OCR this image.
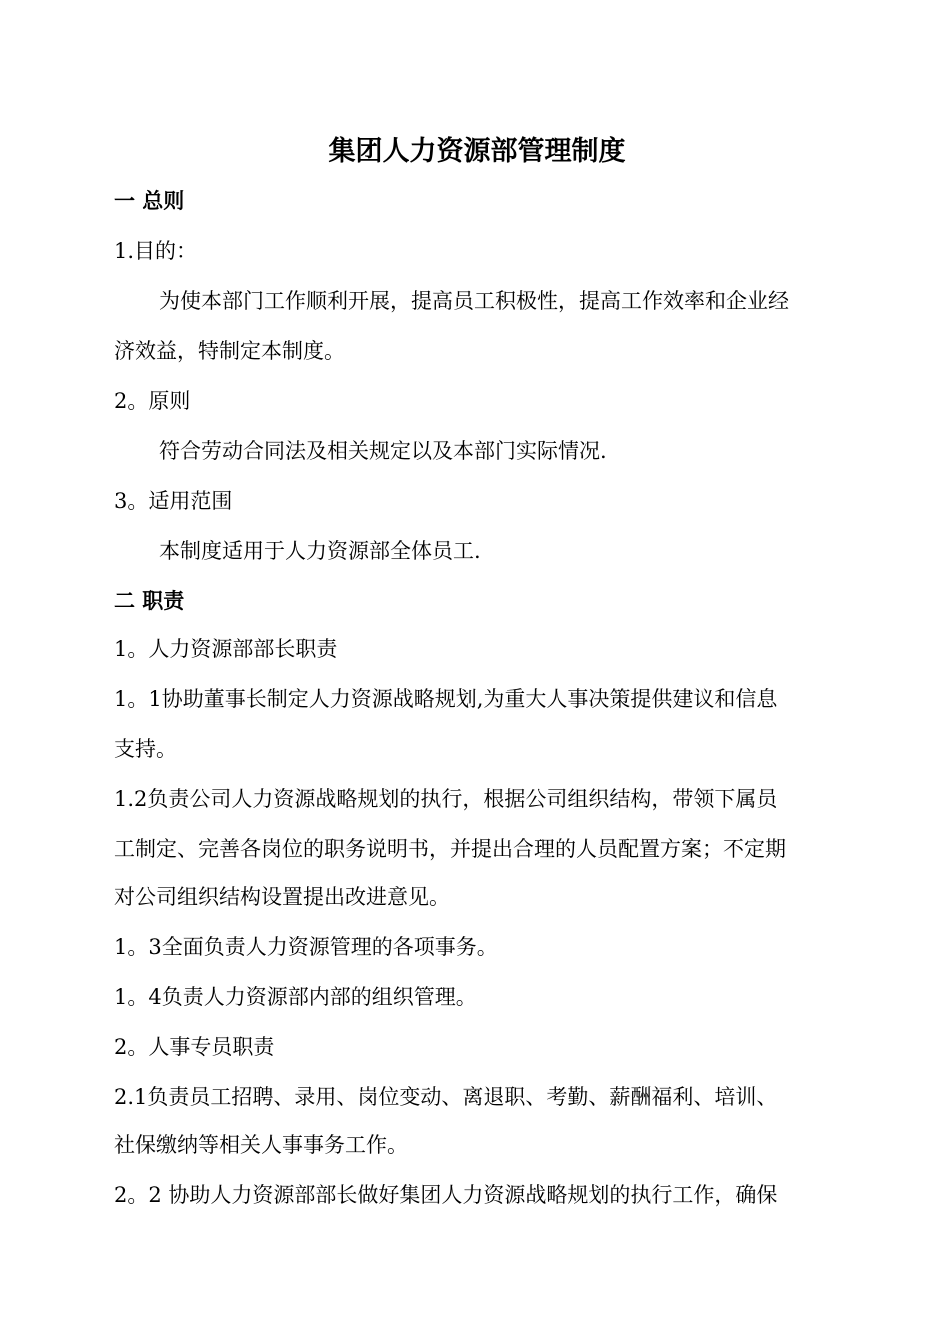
集团人力资源部管理制度
一 总则
1.目的：
为使本部门工作顺利开展，提高员工积极性，提高工作效率和企业经
济效益，特制定本制度。
2。原则
符合劳动合同法及相关规定以及本部门实际情况.
3。适用范围
本制度适用于人力资源部全体员工.
二 职责
1。人力资源部部长职责
1。1协助董事长制定人力资源战略规划,为重大人事决策提供建议和信息
支持。
1.2负责公司人力资源战略规划的执行，根据公司组织结构，带领下属员
工制定、完善各岗位的职务说明书，并提出合理的人员配置方案；不定期
对公司组织结构设置提出改进意见。
1。3全面负责人力资源管理的各项事务。
1。4负责人力资源部内部的组织管理。
2。人事专员职责
2.1负责员工招聘、录用、岗位变动、离退职、考勤、薪酬福利、培训、
社保缴纳等相关人事事务工作。
2。2 协助人力资源部部长做好集团人力资源战略规划的执行工作，确保
